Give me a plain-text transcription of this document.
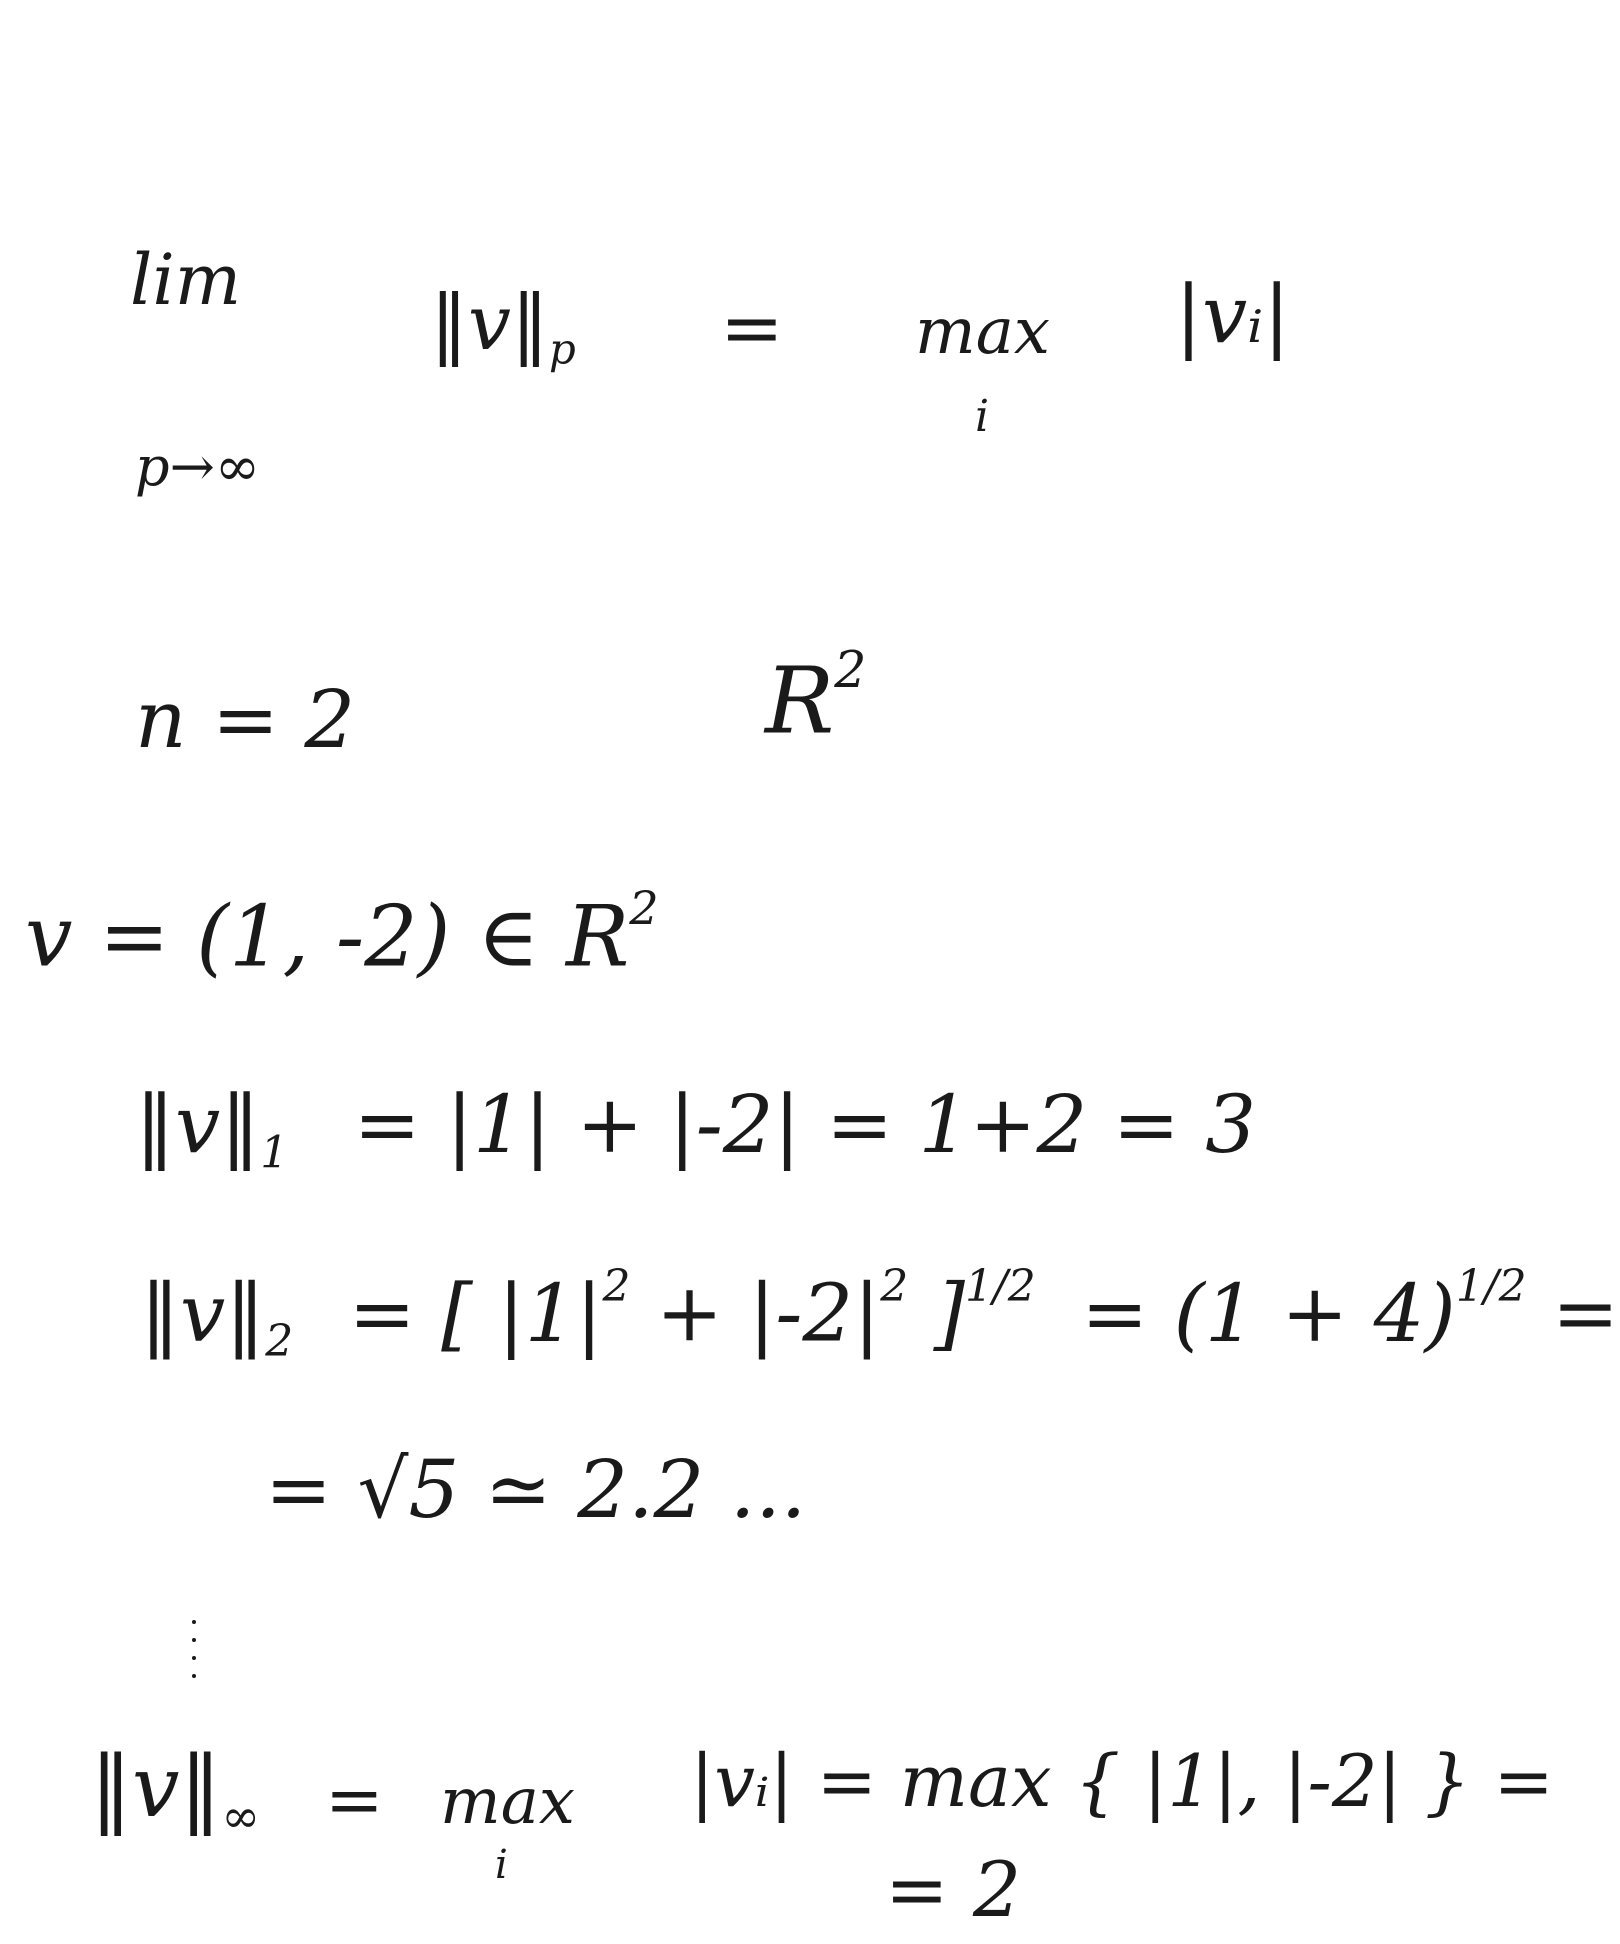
lim
p→∞
$‖v‖_p = \max$
i
|vᵢ|
n = 2	$R^2$
v = (1, -2) ∈ $R^2$
$‖v‖_1 = |1| + |-2| = 1+2 = 3$
$‖v‖_2$ = [ $|1|^2 + |-2|^2$ ]$^{1/2} = (1 + 4)^{1/2}$ =
= √5 ≃ 2.2 ...
$‖v‖_\infty = \max$
i
|vᵢ| = max { |1|, |-2| } =
= 2
